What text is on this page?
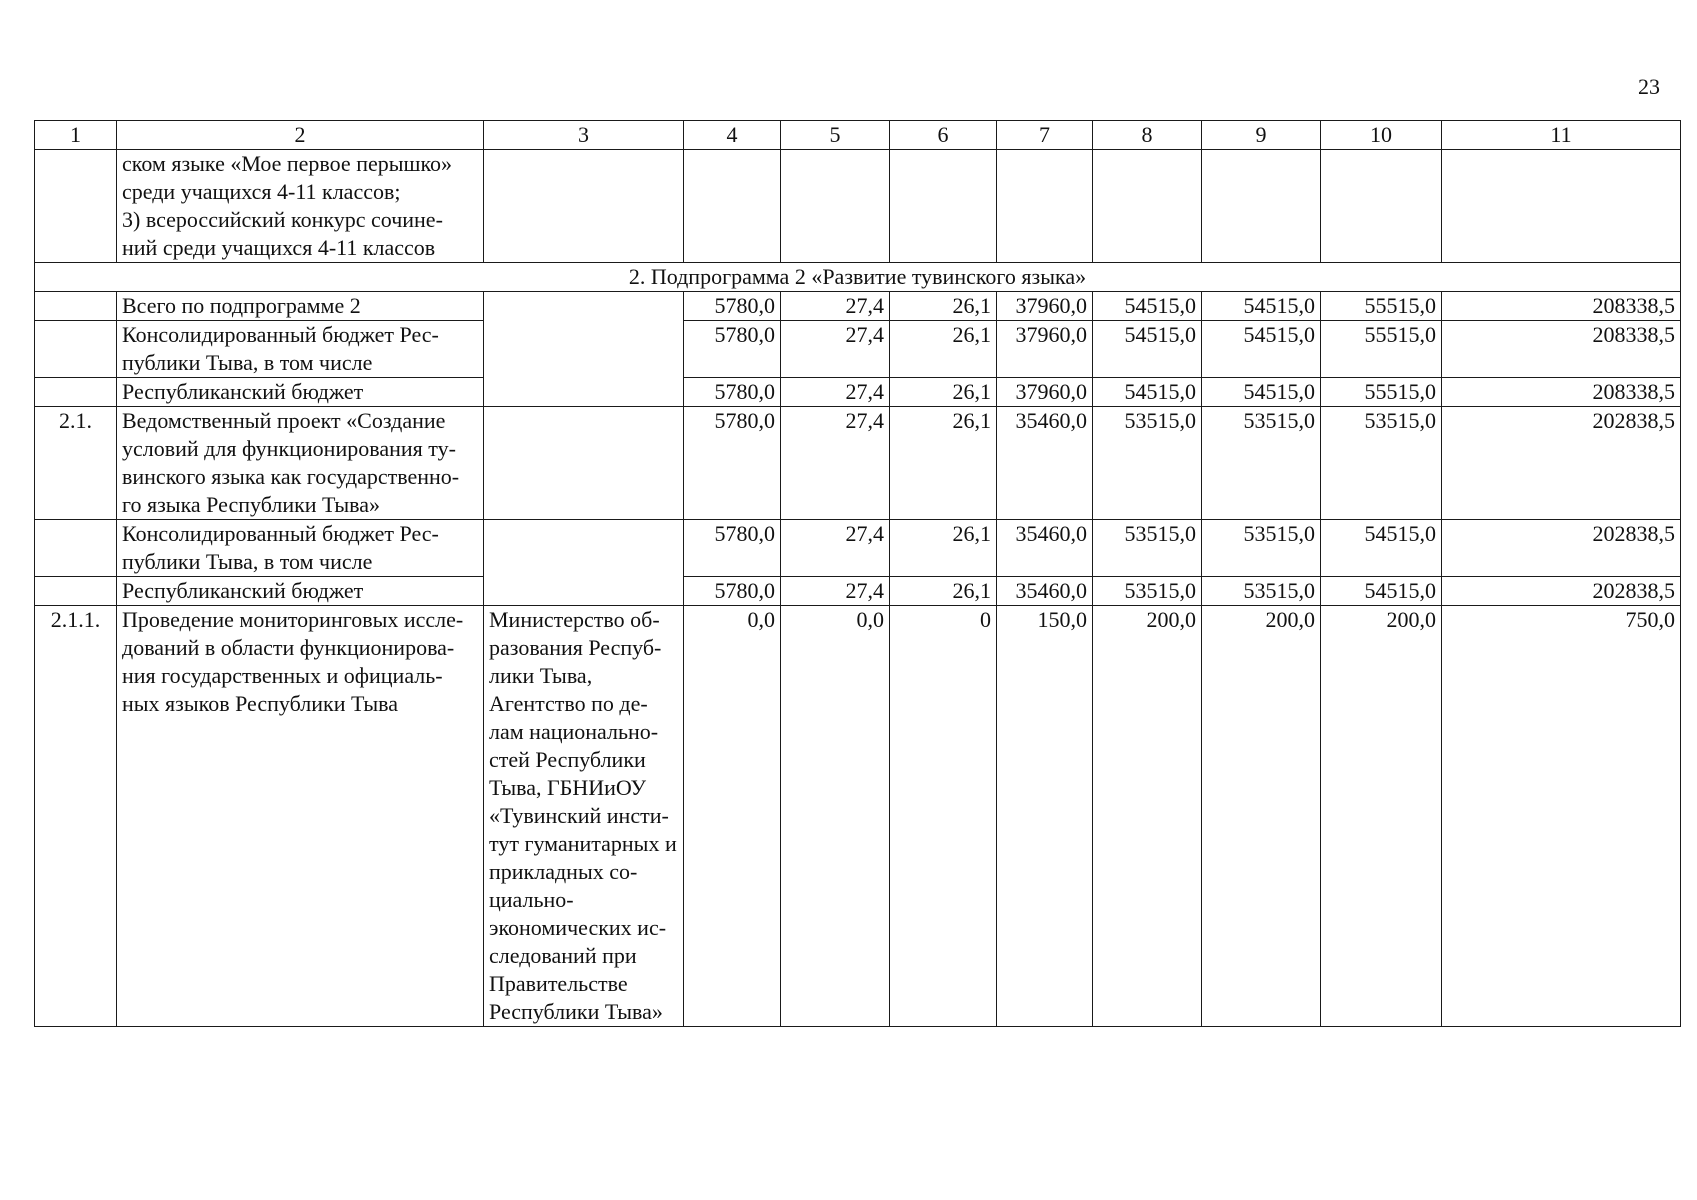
23
1	2	3	4	5	6	7	8	9	10	11

	ском языке «Мое первое перышко»
среди учащихся 4-11 классов;
3) всероссийский конкурс сочине-
ний среди учащихся 4-11 классов									

2. Подпрограмма 2 «Развитие тувинского языка»										
	Всего по подпрограмме 2		5780,0	27,4	26,1	37960,0	54515,0	54515,0	55515,0	208338,5
	Консолидированный бюджет Рес-публики Тыва, в том числе		5780,0	27,4	26,1	37960,0	54515,0	54515,0	55515,0	208338,5
	Республиканский бюджет		5780,0	27,4	26,1	37960,0	54515,0	54515,0	55515,0	208338,5
2.1.	Ведомственный проект «Создание условий для функционирования ту-винского языка как государственно-го языка Республики Тыва»		5780,0	27,4	26,1	35460,0	53515,0	53515,0	53515,0	202838,5
	Консолидированный бюджет Рес-публики Тыва, в том числе		5780,0	27,4	26,1	35460,0	53515,0	53515,0	54515,0	202838,5
	Республиканский бюджет		5780,0	27,4	26,1	35460,0	53515,0	53515,0	54515,0	202838,5
2.1.1.	Проведение мониторинговых иссле-дований в области функционирова-ния государственных и официаль-ных языков Республики Тыва	Министерство об-разования Респуб-лики Тыва, Агентство по де-лам национально-стей Республики Тыва, ГБНИиОУ «Тувинский инсти-тут гуманитарных и прикладных со-циально-экономических ис-следований при Правительстве Республики Тыва»	0,0	0,0	0	150,0	200,0	200,0	200,0	750,0
